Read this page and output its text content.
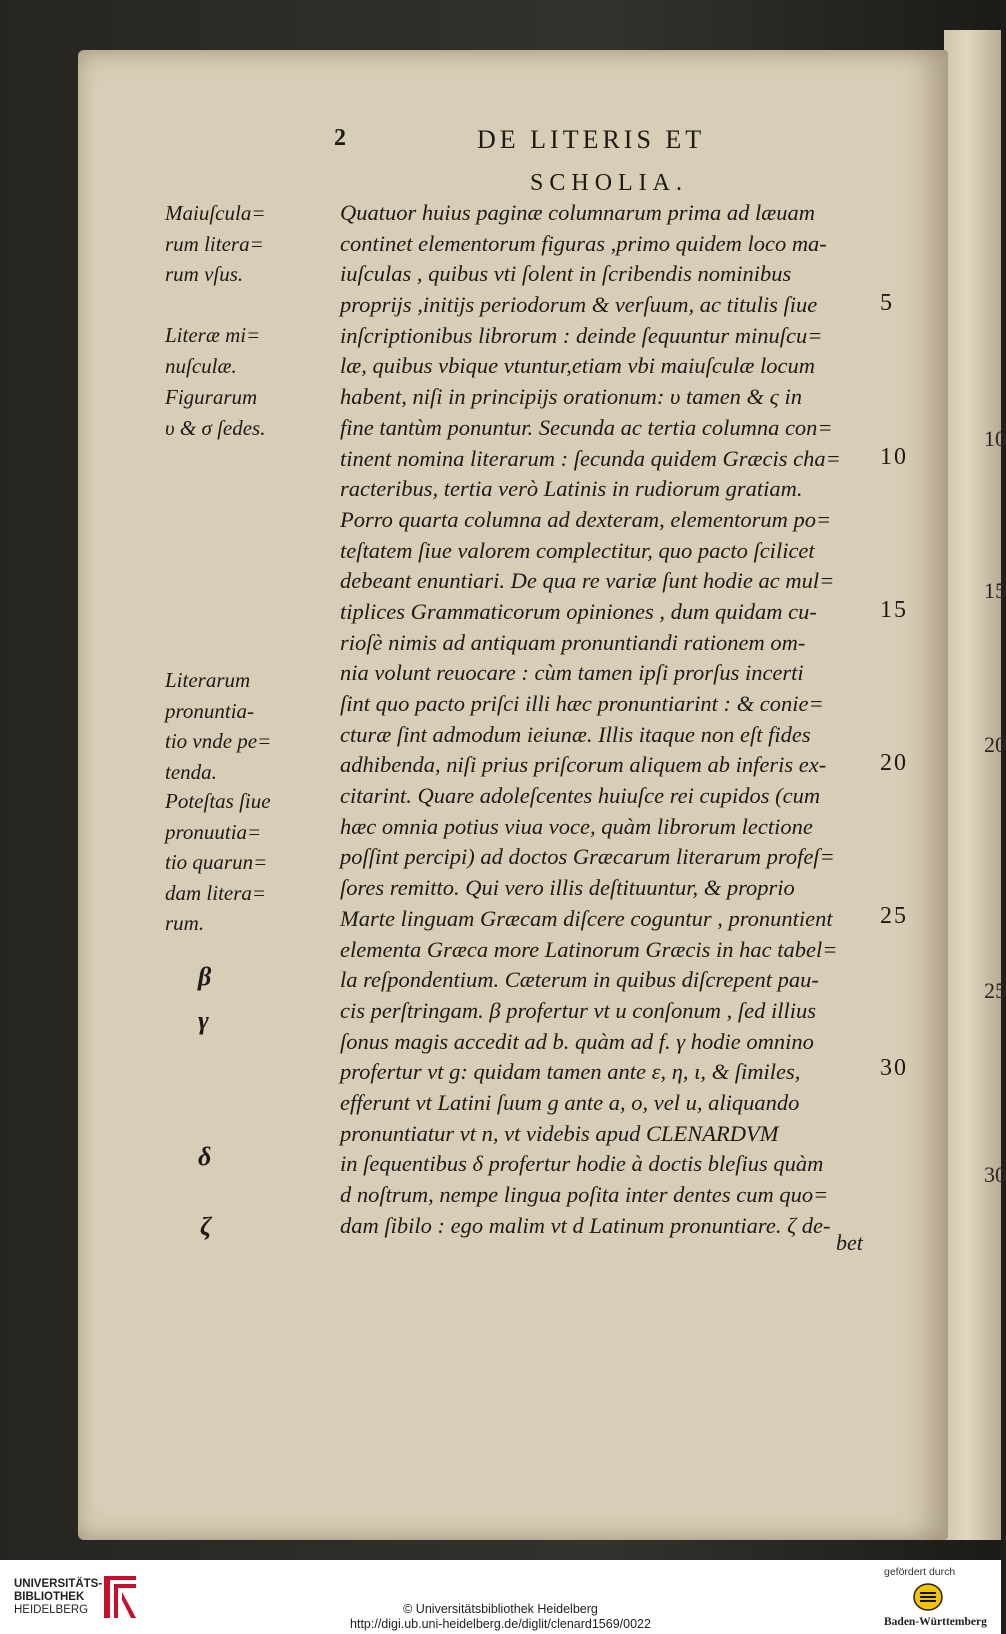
10
15
20
25
30
2	DE LITERIS ET
SCHOLIA.
Quatuor huius paginæ columnarum prima ad læuam
continet elementorum figuras ,primo quidem loco ma-
iuſculas , quibus vti ſolent in ſcribendis nominibus
proprijs ,initijs periodorum & verſuum, ac titulis ſiue
inſcriptionibus librorum : deinde ſequuntur minuſcu=
læ, quibus vbique vtuntur,etiam vbi maiuſculæ locum
habent, niſi in principijs orationum: υ tamen & ς in
fine tantùm ponuntur. Secunda ac tertia columna con=
tinent nomina literarum : ſecunda quidem Græcis cha=
racteribus, tertia verò Latinis in rudiorum gratiam.
Porro quarta columna ad dexteram, elementorum po=
teſtatem ſiue valorem complectitur, quo pacto ſcilicet
debeant enuntiari. De qua re variæ ſunt hodie ac mul=
tiplices Grammaticorum opiniones , dum quidam cu-
rioſè nimis ad antiquam pronuntiandi rationem om-
nia volunt reuocare : cùm tamen ipſi prorſus incerti
ſint quo pacto priſci illi hæc pronuntiarint : & conie=
cturæ ſint admodum ieiunæ. Illis itaque non eſt fides
adhibenda, niſi prius priſcorum aliquem ab inferis ex-
citarint. Quare adoleſcentes huiuſce rei cupidos (cum
hæc omnia potius viua voce, quàm librorum lectione
poſſint percipi) ad doctos Græcarum literarum profeſ=
ſores remitto. Qui vero illis deſtituuntur, & proprio
Marte linguam Græcam diſcere coguntur , pronuntient
elementa Græca more Latinorum Græcis in hac tabel=
la reſpondentium. Cæterum in quibus diſcrepent pau-
cis perſtringam. β profertur vt u conſonum , ſed illius
ſonus magis accedit ad b. quàm ad f. γ hodie omnino
profertur vt g: quidam tamen ante ε, η, ι, & ſimiles,
efferunt vt Latini ſuum g ante a, o, vel u, aliquando
pronuntiatur vt n, vt videbis apud CLENARDVM
in ſequentibus δ profertur hodie à doctis bleſius quàm
d noſtrum, nempe lingua poſita inter dentes cum quo=
dam ſibilo : ego malim vt d Latinum pronuntiare. ζ de-
Maiuſcula=
rum litera=
rum vſus.
Literæ mi=
nuſculæ.
Figurarum
υ & σ ſedes.
Literarum
pronuntia-
tio vnde pe=
tenda.
Poteſtas ſiue
pronuutia=
tio quarun=
dam litera=
rum.
β
γ
δ
ζ
5
10
15
20
25
30
bet
UNIVERSITÄTS-
BIBLIOTHEK
HEIDELBERG	© Universitätsbibliothek Heidelberg
http://digi.ub.uni-heidelberg.de/diglit/clenard1569/0022
gefördert durch
Baden-Württemberg
